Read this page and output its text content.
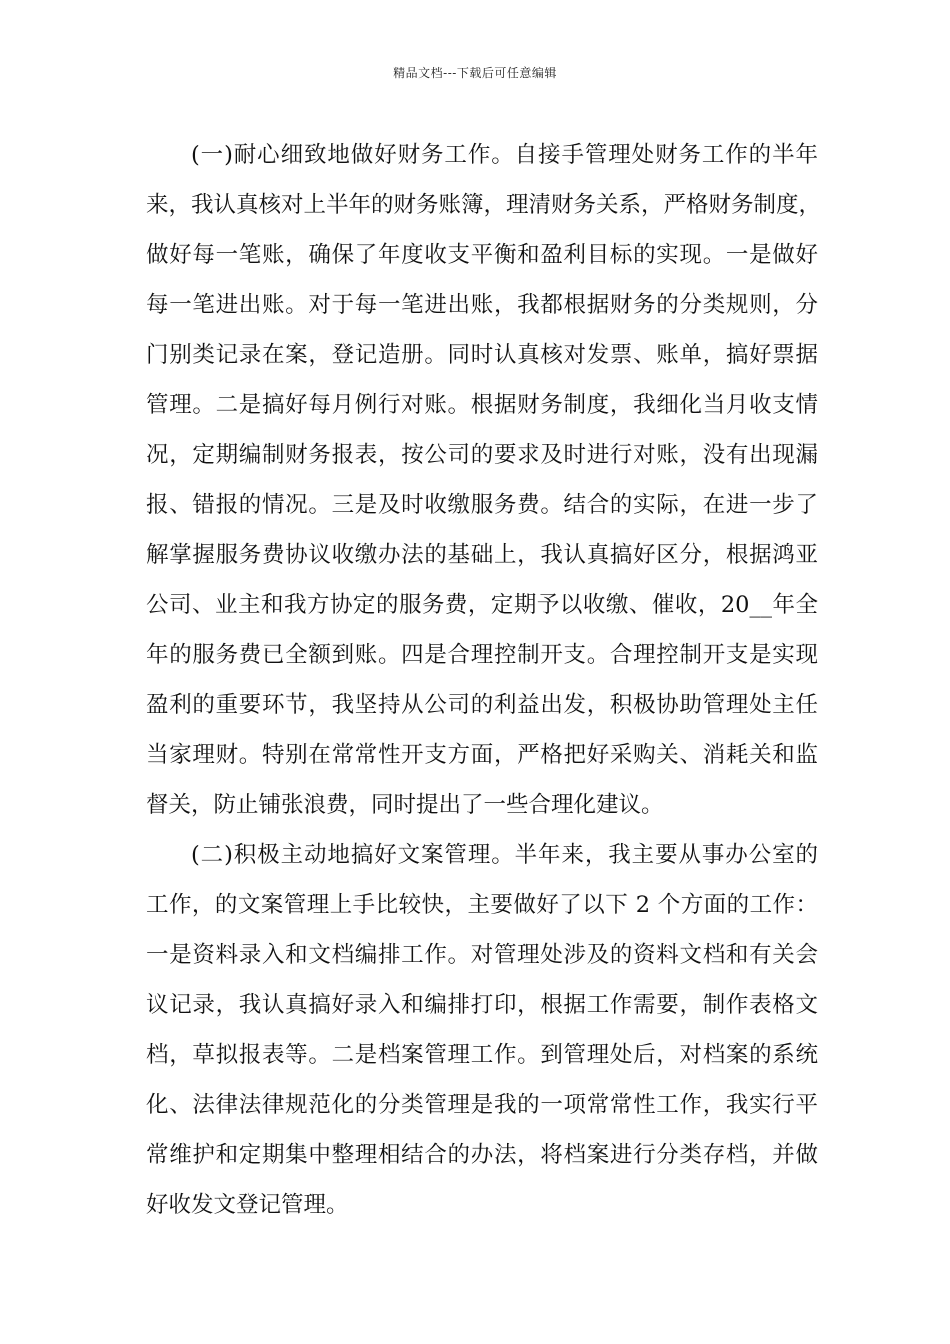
精品文档---下载后可任意编辑
(一)耐心细致地做好财务工作。自接手管理处财务工作的半年
来，我认真核对上半年的财务账簿，理清财务关系，严格财务制度，
做好每一笔账，确保了年度收支平衡和盈利目标的实现。一是做好
每一笔进出账。对于每一笔进出账，我都根据财务的分类规则，分
门别类记录在案，登记造册。同时认真核对发票、账单，搞好票据
管理。二是搞好每月例行对账。根据财务制度，我细化当月收支情
况，定期编制财务报表，按公司的要求及时进行对账，没有出现漏
报、错报的情况。三是及时收缴服务费。结合的实际，在进一步了
解掌握服务费协议收缴办法的基础上，我认真搞好区分，根据鸿亚
公司、业主和我方协定的服务费，定期予以收缴、催收，20__年全
年的服务费已全额到账。四是合理控制开支。合理控制开支是实现
盈利的重要环节，我坚持从公司的利益出发，积极协助管理处主任
当家理财。特别在常常性开支方面，严格把好采购关、消耗关和监
督关，防止铺张浪费，同时提出了一些合理化建议。
(二)积极主动地搞好文案管理。半年来，我主要从事办公室的
工作，的文案管理上手比较快，主要做好了以下 2 个方面的工作：
一是资料录入和文档编排工作。对管理处涉及的资料文档和有关会
议记录，我认真搞好录入和编排打印，根据工作需要，制作表格文
档，草拟报表等。二是档案管理工作。到管理处后，对档案的系统
化、法律法律规范化的分类管理是我的一项常常性工作，我实行平
常维护和定期集中整理相结合的办法，将档案进行分类存档，并做
好收发文登记管理。
